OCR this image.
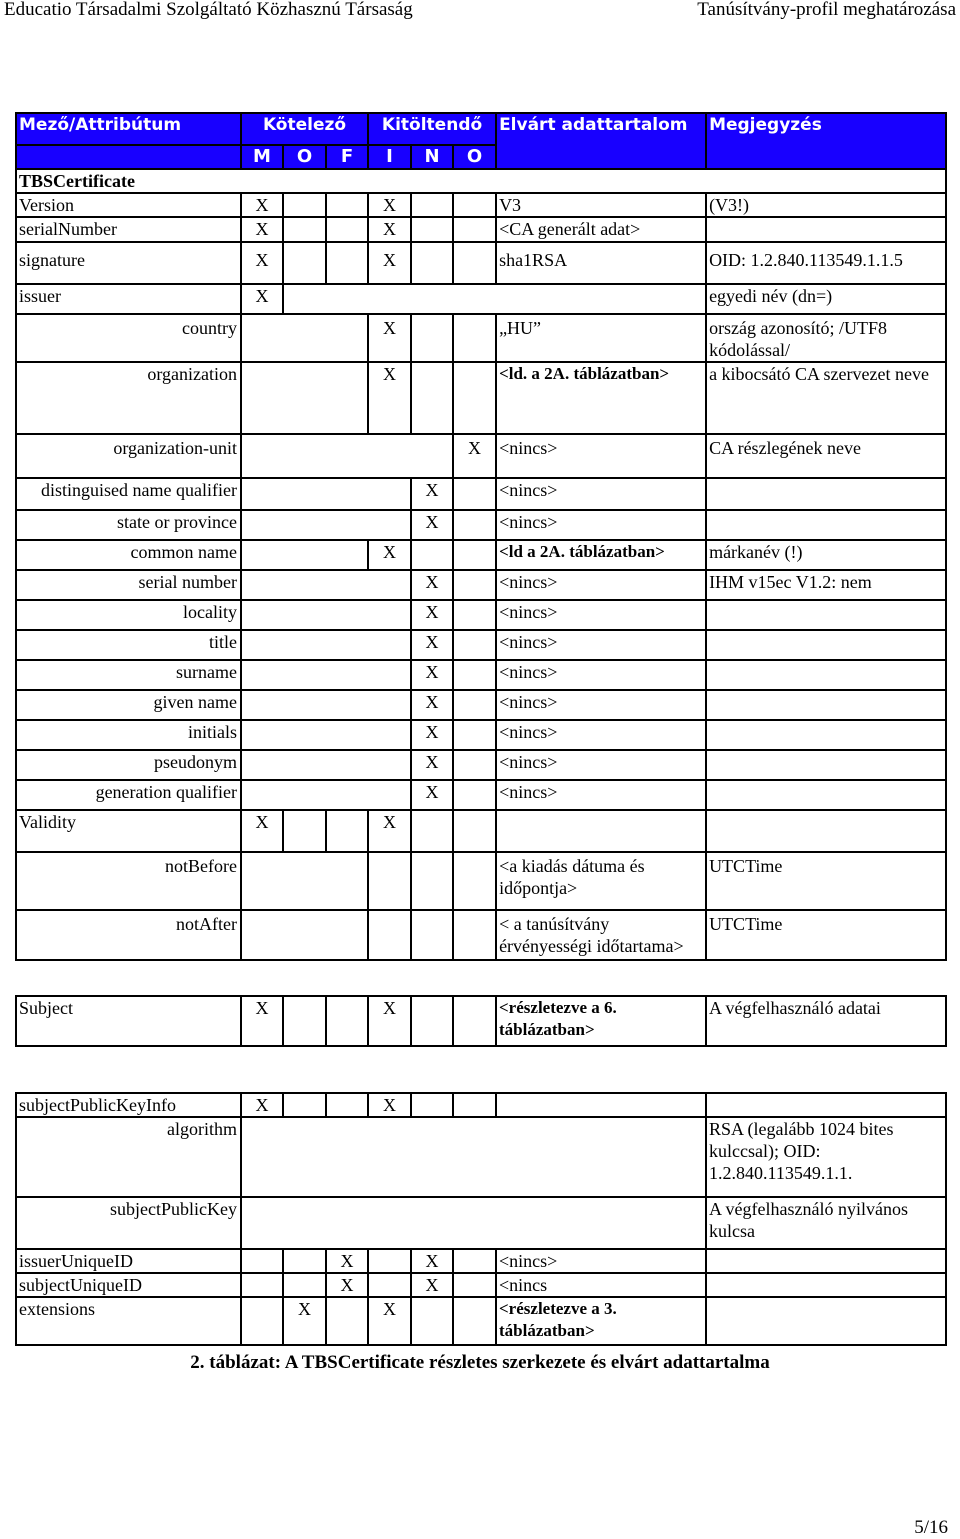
Educatio Társadalmi Szolgáltató Közhasznú Társaság	Tanúsítvány-profil meghatározása
Mező/Attribútum	Kötelező			Kitöltendő			Elvárt adattartalom	Megjegyzés
	M	O	F	I	N	O		
TBSCertificate								
Version	X			X			V3	(V3!)
serialNumber	X			X			<CA generált adat>	
signature	X			X			sha1RSA	OID: 1.2.840.113549.1.1.5
issuer	X							egyedi név (dn=)
country				X			„HU”	ország azonosító; /UTF8 kódolással/
organization				X			<ld. a 2A. táblázatban>	a kibocsátó CA szervezet neve
organization-unit						X	<nincs>	CA részlegének neve
distinguised name qualifier					X		<nincs>	
state or province					X		<nincs>	
common name				X			<ld a 2A. táblázatban>	márkanév (!)
serial number					X		<nincs>	IHM v15ec V1.2: nem
locality					X		<nincs>	
title					X		<nincs>	
surname					X		<nincs>	
given name					X		<nincs>	
initials					X		<nincs>	
pseudonym					X		<nincs>	
generation qualifier					X		<nincs>	
Validity	X			X				
notBefore							<a kiadás dátuma és időpontja>	UTCTime
notAfter							< a tanúsítvány érvényességi időtartama>	UTCTime
Subject	X			X			<részletezve a 6. táblázatban>	A végfelhasználó adatai
subjectPublicKeyInfo	X			X				
algorithm								RSA (legalább 1024 bites kulccsal); OID: 1.2.840.113549.1.1.
subjectPublicKey								A végfelhasználó nyilvános kulcsa
issuerUniqueID			X		X		<nincs>	
subjectUniqueID			X		X		<nincs	
extensions		X		X			<részletezve a 3. táblázatban>	
2. táblázat: A TBSCertificate részletes szerkezete és elvárt adattartalma
5/16
